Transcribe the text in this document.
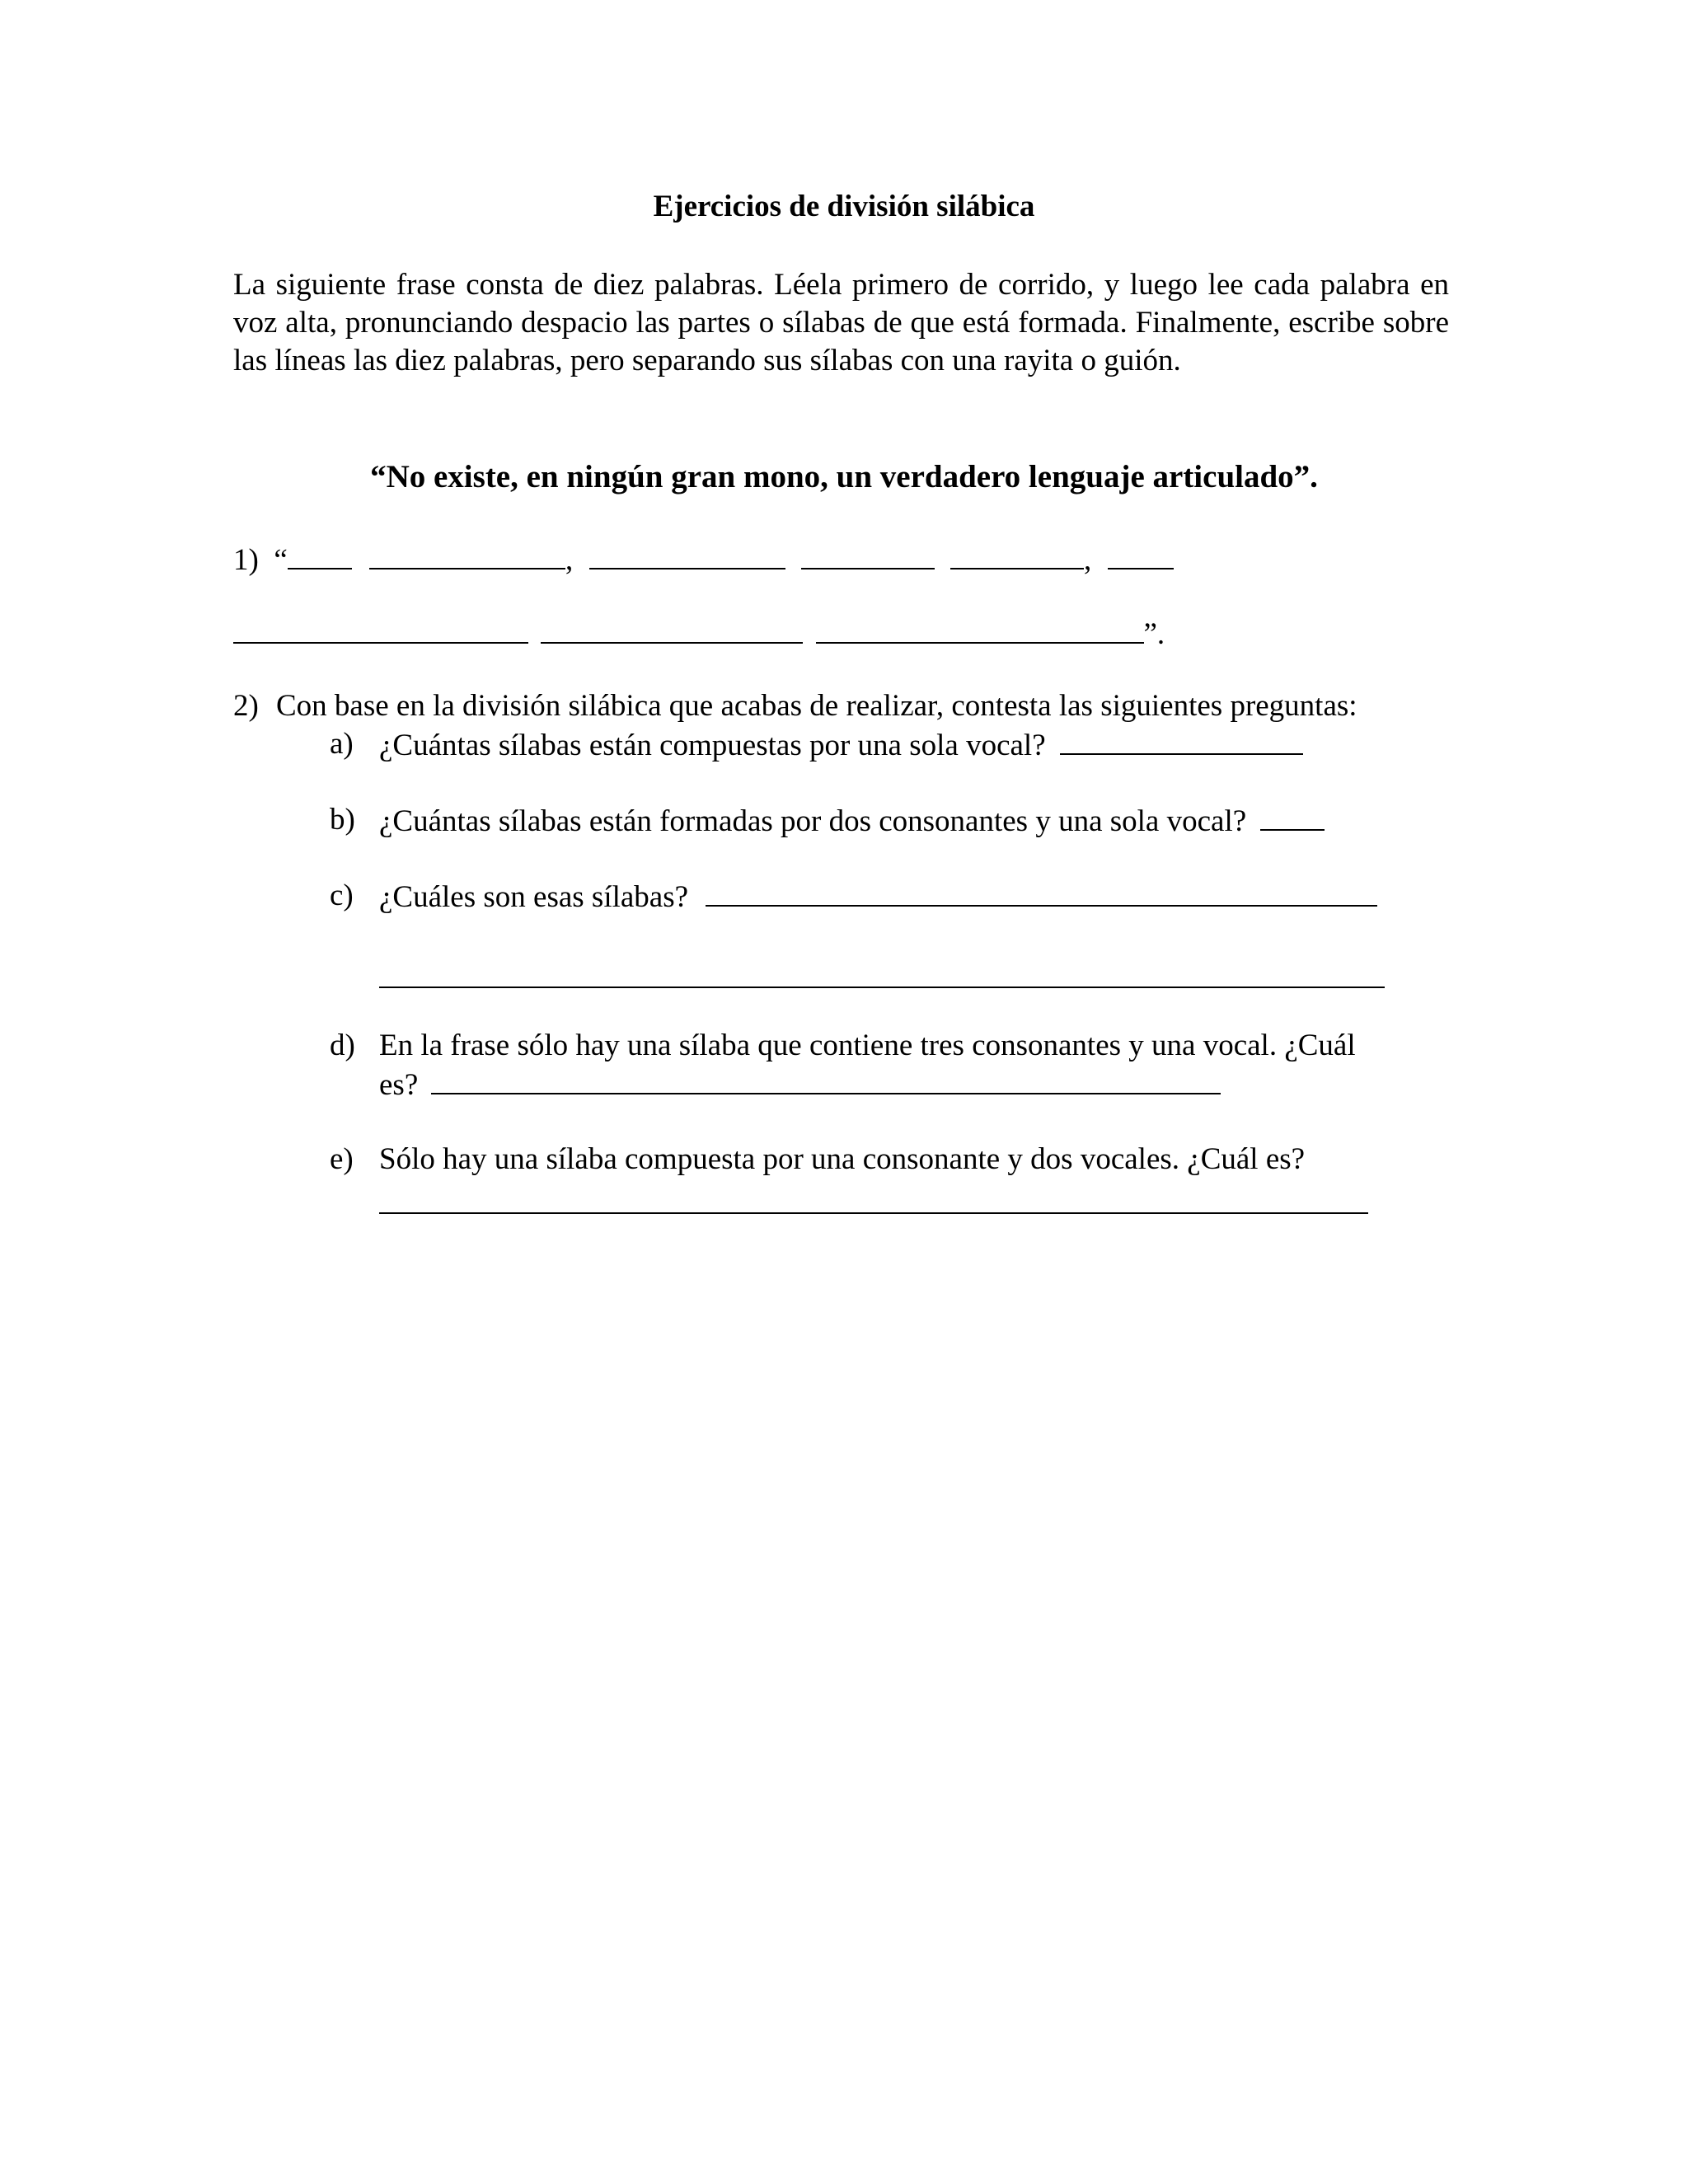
Ejercicios de división silábica
La siguiente frase consta de diez palabras. Léela primero de corrido, y luego lee cada palabra en voz alta, pronunciando despacio las partes o sílabas de que está formada. Finalmente, escribe sobre las líneas las diez palabras, pero separando sus sílabas con una rayita o guión.
“No existe, en ningún gran mono, un verdadero lenguaje articulado”.
1) “	,	,
”.
2) Con base en la división silábica que acabas de realizar, contesta las siguientes preguntas:
a) ¿Cuántas sílabas están compuestas por una sola vocal?
b) ¿Cuántas sílabas están formadas por dos consonantes y una sola vocal?
c) ¿Cuáles son esas sílabas?
d) En la frase sólo hay una sílaba que contiene tres consonantes y una vocal. ¿Cuál
es?
e) Sólo hay una sílaba compuesta por una consonante y dos vocales. ¿Cuál es?
